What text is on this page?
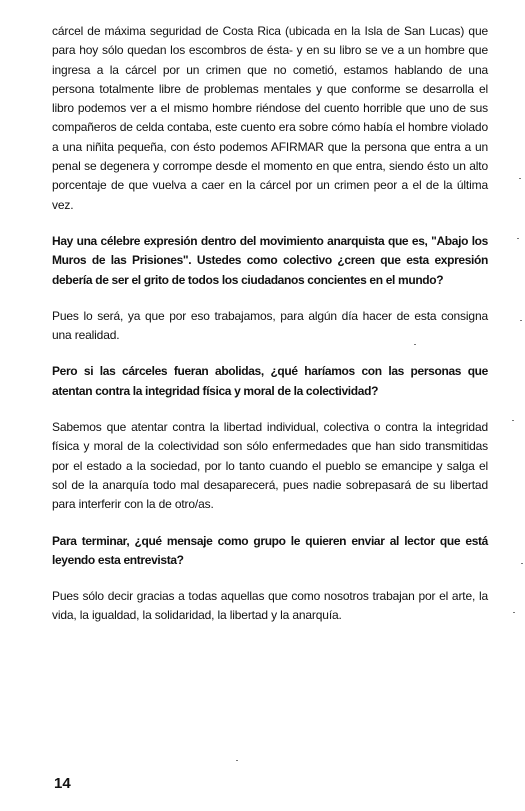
cárcel de máxima seguridad de Costa Rica (ubicada en la Isla de San Lucas) que para hoy sólo quedan los escombros de ésta- y en su libro se ve a un hombre que ingresa a la cárcel por un crimen que no cometió, estamos hablando de una persona totalmente libre de problemas mentales y que conforme se desarrolla el libro podemos ver a el mismo hombre riéndose del cuento horrible que uno de sus compañeros de celda contaba, este cuento era sobre cómo había el hombre violado a una niñita pequeña, con ésto podemos AFIRMAR que la persona que entra a un penal se degenera y corrompe desde el momento en que entra, siendo ésto un alto porcentaje de que vuelva a caer en la cárcel por un crimen peor a el de la última vez.

Hay una célebre expresión dentro del movimiento anarquista que es, "Abajo los Muros de las Prisiones". Ustedes como colectivo ¿creen que esta expresión debería de ser el grito de todos los ciudadanos concientes en el mundo?

Pues lo será, ya que por eso trabajamos, para algún día hacer de esta consigna una realidad.

Pero si las cárceles fueran abolidas, ¿qué haríamos con las personas que atentan contra la integridad física y moral de la colectividad?

Sabemos que atentar contra la libertad individual, colectiva o contra la integridad física y moral de la colectividad son sólo enfermedades que han sido transmitidas por el estado a la sociedad, por lo tanto cuando el pueblo se emancipe y salga el sol de la anarquía todo mal desaparecerá, pues nadie sobrepasará de su libertad para interferir con la de otro/as.

Para terminar, ¿qué mensaje como grupo le quieren enviar al lector que está leyendo esta entrevista?

Pues sólo decir gracias a todas aquellas que como nosotros trabajan por el arte, la vida, la igualdad, la solidaridad, la libertad y la anarquía.

14
